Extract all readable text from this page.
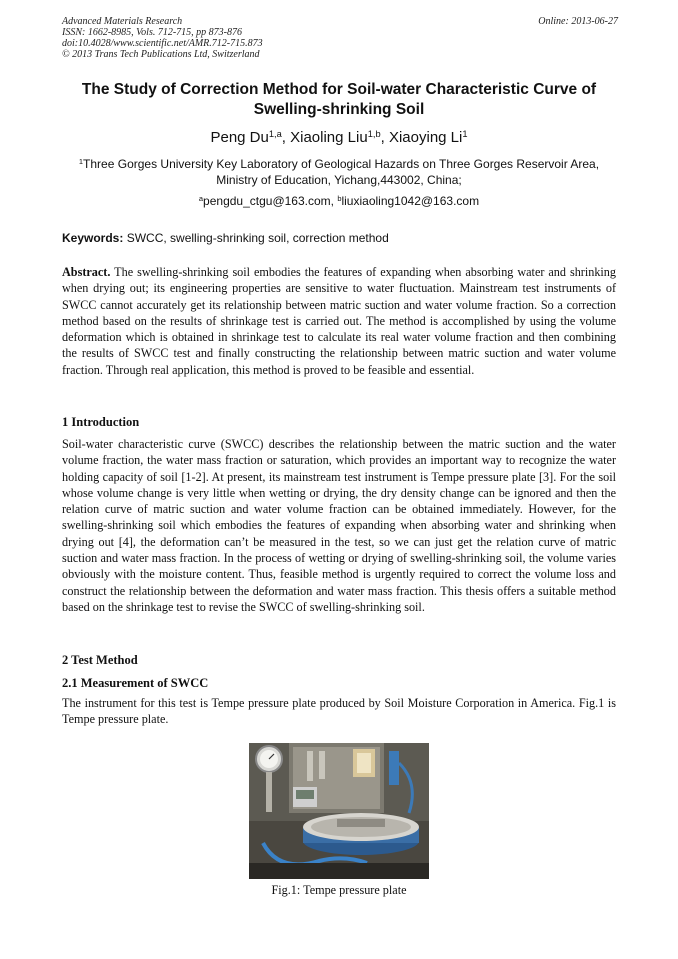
Advanced Materials Research
ISSN: 1662-8985, Vols. 712-715, pp 873-876
doi:10.4028/www.scientific.net/AMR.712-715.873
© 2013 Trans Tech Publications Ltd, Switzerland
Online: 2013-06-27
The Study of Correction Method for Soil-water Characteristic Curve of
Swelling-shrinking Soil
Peng Du$^{1,a}$, Xiaoling Liu$^{1,b}$, Xiaoying Li$^1$
$^1$Three Gorges University Key Laboratory of Geological Hazards on Three Gorges Reservoir Area,
Ministry of Education, Yichang,443002, China;
$^a$pengdu_ctgu@163.com, $^b$liuxiaoling1042@163.com
Keywords: SWCC, swelling-shrinking soil, correction method
Abstract. The swelling-shrinking soil embodies the features of expanding when absorbing water and shrinking when drying out; its engineering properties are sensitive to water fluctuation. Mainstream test instruments of SWCC cannot accurately get its relationship between matric suction and water volume fraction. So a correction method based on the results of shrinkage test is carried out. The method is accomplished by using the volume deformation which is obtained in shrinkage test to calculate its real water volume fraction and then combining the results of SWCC test and finally constructing the relationship between matric suction and water volume fraction. Through real application, this method is proved to be feasible and essential.
1 Introduction
Soil-water characteristic curve (SWCC) describes the relationship between the matric suction and the water volume fraction, the water mass fraction or saturation, which provides an important way to recognize the water holding capacity of soil [1-2]. At present, its mainstream test instrument is Tempe pressure plate [3]. For the soil whose volume change is very little when wetting or drying, the dry density change can be ignored and then the relation curve of matric suction and water volume fraction can be obtained immediately. However, for the swelling-shrinking soil which embodies the features of expanding when absorbing water and shrinking when drying out [4], the deformation can’t be measured in the test, so we can just get the relation curve of matric suction and water mass fraction. In the process of wetting or drying of swelling-shrinking soil, the volume varies obviously with the moisture content. Thus, feasible method is urgently required to correct the volume loss and construct the relationship between the deformation and water mass fraction. This thesis offers a suitable method based on the shrinkage test to revise the SWCC of swelling-shrinking soil.
2 Test Method
2.1 Measurement of SWCC
The instrument for this test is Tempe pressure plate produced by Soil Moisture Corporation in America. Fig.1 is Tempe pressure plate.
Fig.1: Tempe pressure plate
